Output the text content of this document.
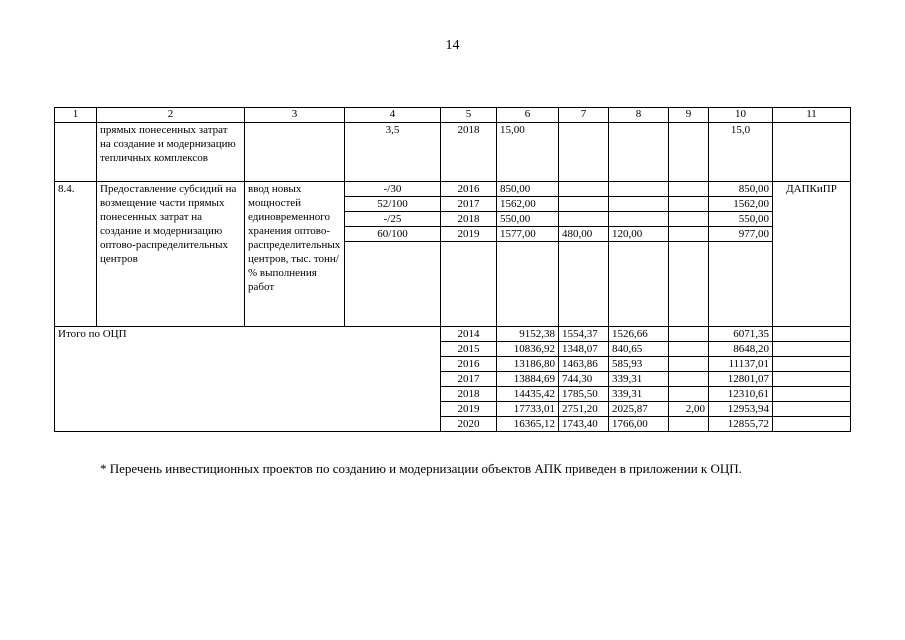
14
1	2	3	4	5	6	7	8	9	10	11
	прямых понесенных затрат на создание и модернизацию тепличных комплексов		3,5	2018	15,00				15,0	
8.4.	Предоставление субсидий на возмещение части прямых понесенных затрат на создание и модернизацию оптово-распределительных центров	ввод новых мощностей единовременного хранения оптово-распределительных центров, тыс. тонн/ % выполнения работ	-/30	2016	850,00				850,00	ДАПКиПР
			52/100	2017	1562,00				1562,00	
			-/25	2018	550,00				550,00	
			60/100	2019	1577,00	480,00	120,00		977,00	

Итого по ОЦП				2014	9152,38	1554,37	1526,66		6071,35	
				2015	10836,92	1348,07	840,65		8648,20	
				2016	13186,80	1463,86	585,93		11137,01	
				2017	13884,69	744,30	339,31		12801,07	
				2018	14435,42	1785,50	339,31		12310,61	
				2019	17733,01	2751,20	2025,87	2,00	12953,94	
				2020	16365,12	1743,40	1766,00		12855,72	

* Перечень инвестиционных проектов по созданию и модернизации объектов АПК приведен в приложении к ОЦП.
